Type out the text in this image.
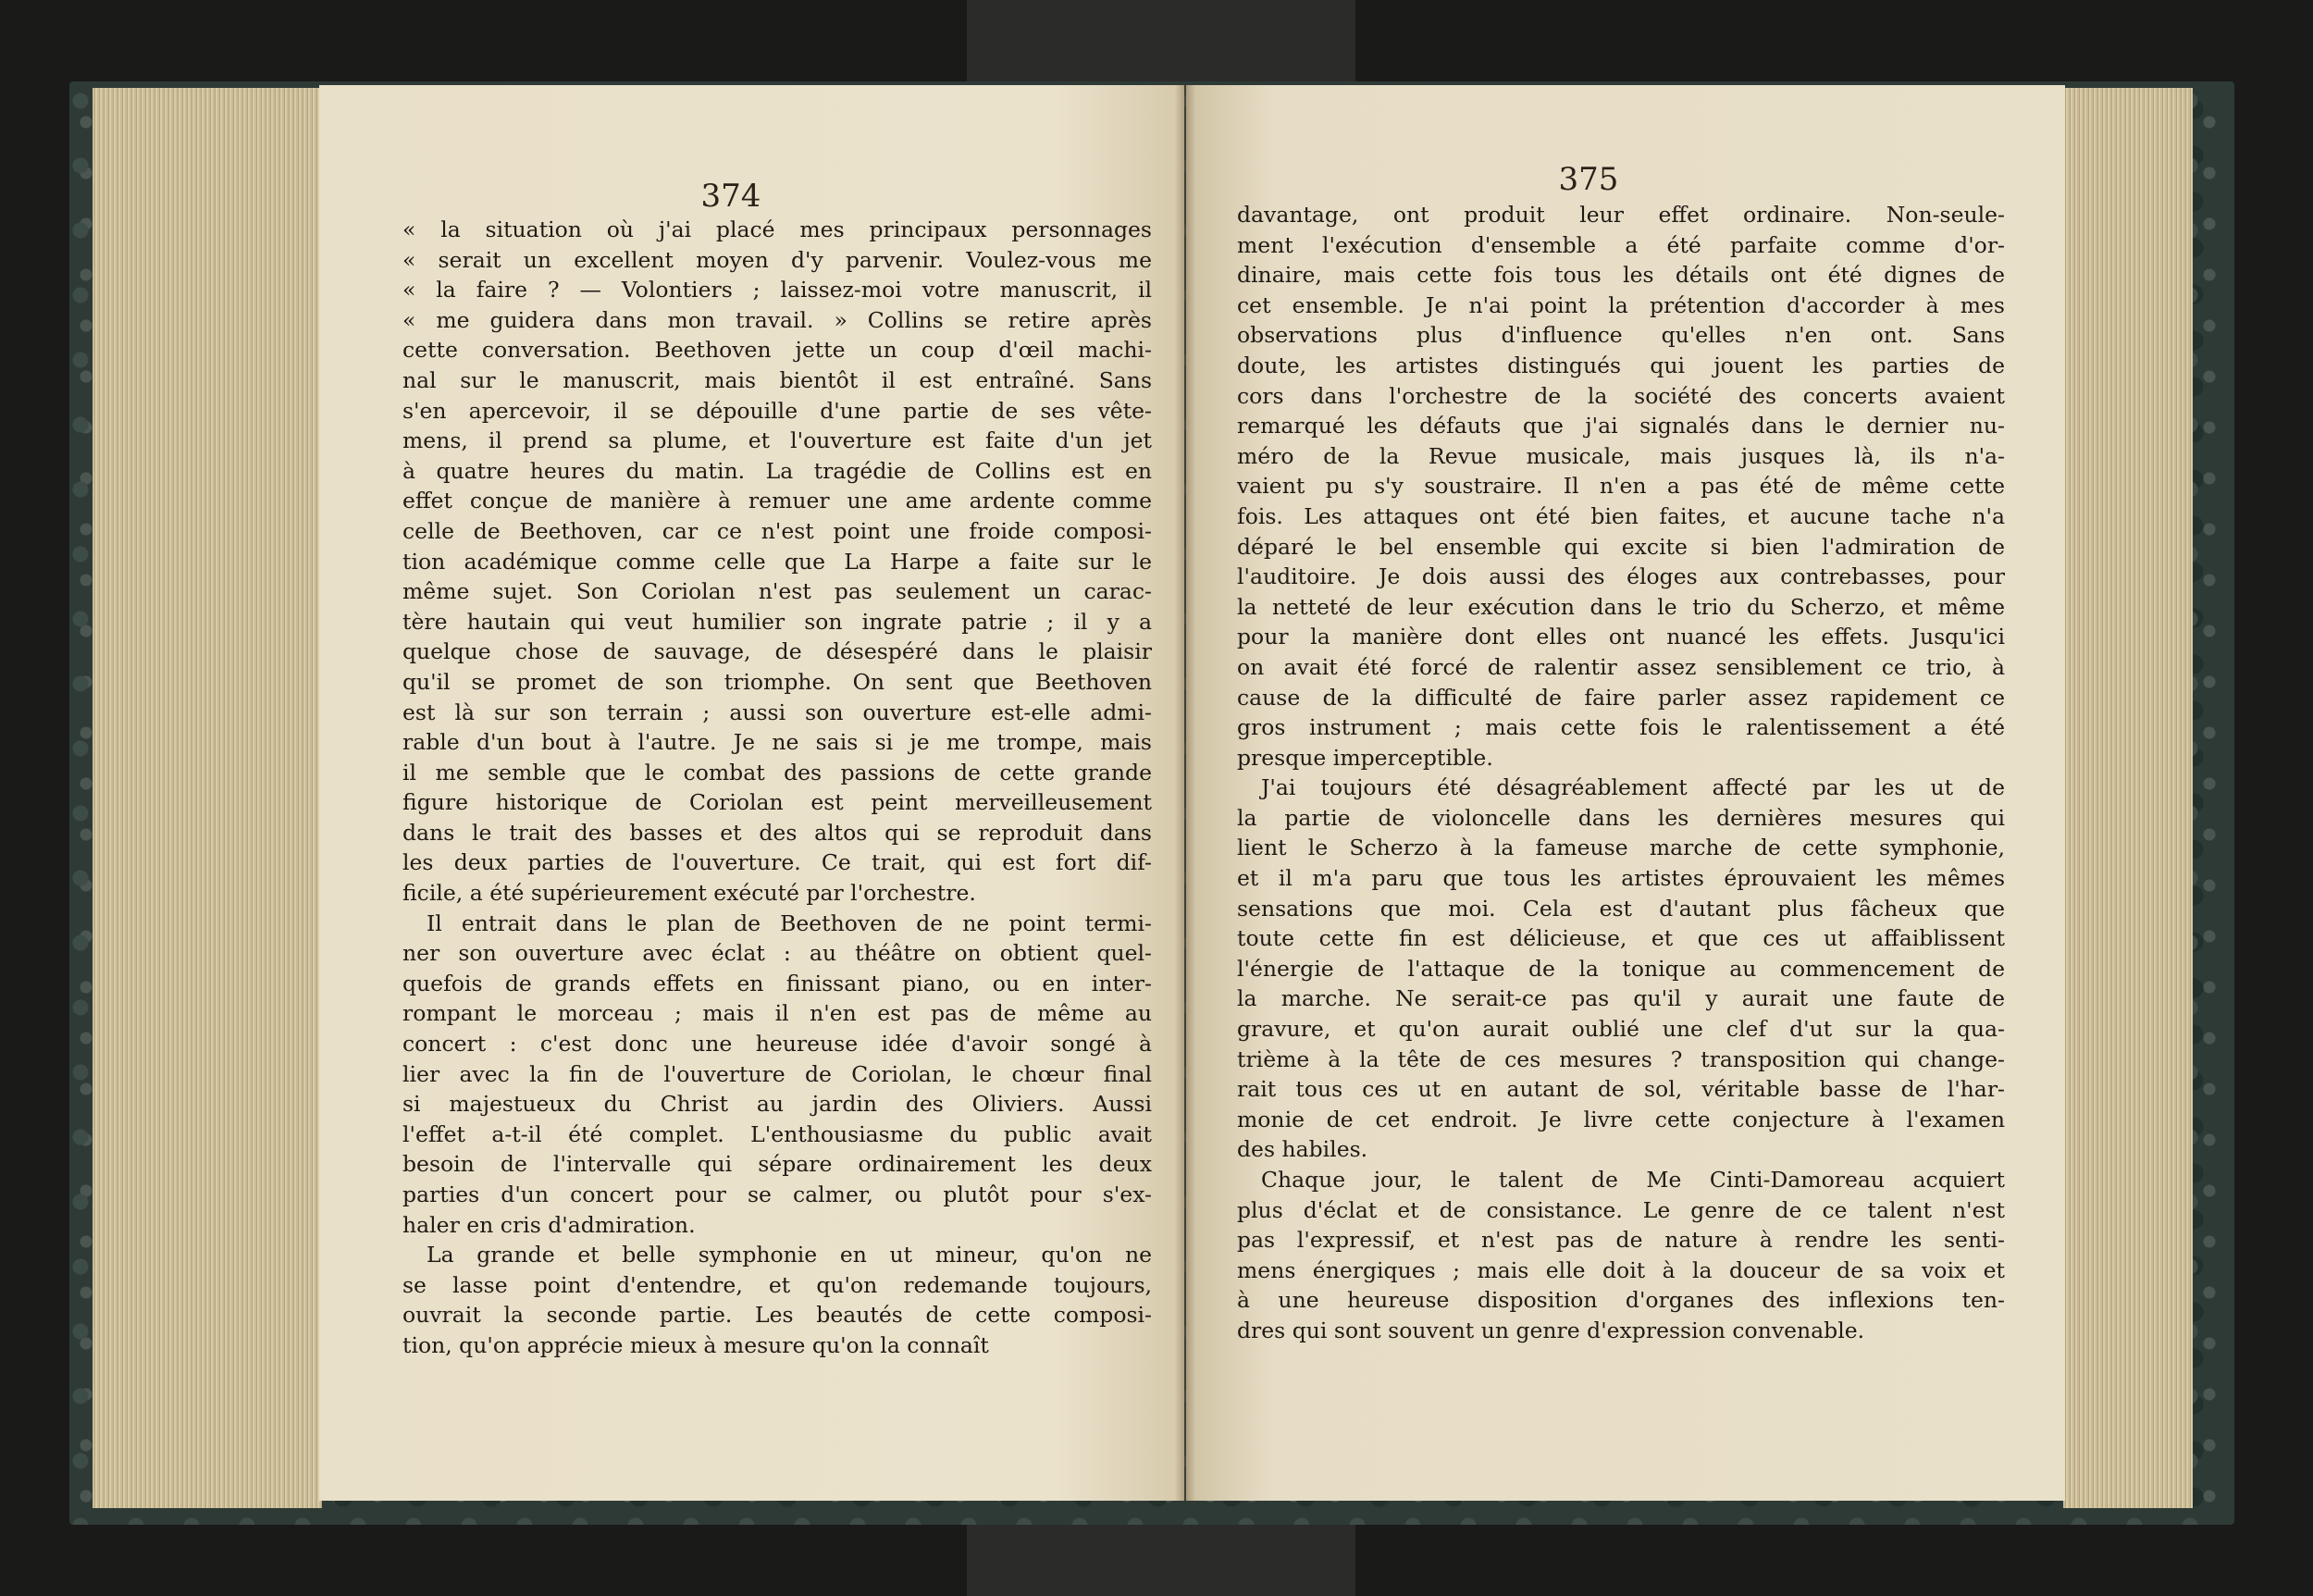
374
« la situation où j'ai placé mes principaux personnages
« serait un excellent moyen d'y parvenir. Voulez-vous me
« la faire ? — Volontiers ; laissez-moi votre manuscrit, il
« me guidera dans mon travail. » Collins se retire après
cette conversation. Beethoven jette un coup d'œil machi-
nal sur le manuscrit, mais bientôt il est entraîné. Sans
s'en apercevoir, il se dépouille d'une partie de ses vête-
mens, il prend sa plume, et l'ouverture est faite d'un jet
à quatre heures du matin. La tragédie de Collins est en
effet conçue de manière à remuer une ame ardente comme
celle de Beethoven, car ce n'est point une froide composi-
tion académique comme celle que La Harpe a faite sur le
même sujet. Son Coriolan n'est pas seulement un carac-
tère hautain qui veut humilier son ingrate patrie ; il y a
quelque chose de sauvage, de désespéré dans le plaisir
qu'il se promet de son triomphe. On sent que Beethoven
est là sur son terrain ; aussi son ouverture est-elle admi-
rable d'un bout à l'autre. Je ne sais si je me trompe, mais
il me semble que le combat des passions de cette grande
figure historique de Coriolan est peint merveilleusement
dans le trait des basses et des altos qui se reproduit dans
les deux parties de l'ouverture. Ce trait, qui est fort dif-
ficile, a été supérieurement exécuté par l'orchestre.
Il entrait dans le plan de Beethoven de ne point termi-
ner son ouverture avec éclat : au théâtre on obtient quel-
quefois de grands effets en finissant piano, ou en inter-
rompant le morceau ; mais il n'en est pas de même au
concert : c'est donc une heureuse idée d'avoir songé à
lier avec la fin de l'ouverture de Coriolan, le chœur final
si majestueux du Christ au jardin des Oliviers. Aussi
l'effet a-t-il été complet. L'enthousiasme du public avait
besoin de l'intervalle qui sépare ordinairement les deux
parties d'un concert pour se calmer, ou plutôt pour s'ex-
haler en cris d'admiration.
La grande et belle symphonie en ut mineur, qu'on ne
se lasse point d'entendre, et qu'on redemande toujours,
ouvrait la seconde partie. Les beautés de cette composi-
tion, qu'on apprécie mieux à mesure qu'on la connaît
375
davantage, ont produit leur effet ordinaire. Non-seule-
ment l'exécution d'ensemble a été parfaite comme d'or-
dinaire, mais cette fois tous les détails ont été dignes de
cet ensemble. Je n'ai point la prétention d'accorder à mes
observations plus d'influence qu'elles n'en ont. Sans
doute, les artistes distingués qui jouent les parties de
cors dans l'orchestre de la société des concerts avaient
remarqué les défauts que j'ai signalés dans le dernier nu-
méro de la Revue musicale, mais jusques là, ils n'a-
vaient pu s'y soustraire. Il n'en a pas été de même cette
fois. Les attaques ont été bien faites, et aucune tache n'a
déparé le bel ensemble qui excite si bien l'admiration de
l'auditoire. Je dois aussi des éloges aux contrebasses, pour
la netteté de leur exécution dans le trio du Scherzo, et même
pour la manière dont elles ont nuancé les effets. Jusqu'ici
on avait été forcé de ralentir assez sensiblement ce trio, à
cause de la difficulté de faire parler assez rapidement ce
gros instrument ; mais cette fois le ralentissement a été
presque imperceptible.
J'ai toujours été désagréablement affecté par les ut de
la partie de violoncelle dans les dernières mesures qui
lient le Scherzo à la fameuse marche de cette symphonie,
et il m'a paru que tous les artistes éprouvaient les mêmes
sensations que moi. Cela est d'autant plus fâcheux que
toute cette fin est délicieuse, et que ces ut affaiblissent
l'énergie de l'attaque de la tonique au commencement de
la marche. Ne serait-ce pas qu'il y aurait une faute de
gravure, et qu'on aurait oublié une clef d'ut sur la qua-
trième à la tête de ces mesures ? transposition qui change-
rait tous ces ut en autant de sol, véritable basse de l'har-
monie de cet endroit. Je livre cette conjecture à l'examen
des habiles.
Chaque jour, le talent de Me Cinti-Damoreau acquiert
plus d'éclat et de consistance. Le genre de ce talent n'est
pas l'expressif, et n'est pas de nature à rendre les senti-
mens énergiques ; mais elle doit à la douceur de sa voix et
à une heureuse disposition d'organes des inflexions ten-
dres qui sont souvent un genre d'expression convenable.
